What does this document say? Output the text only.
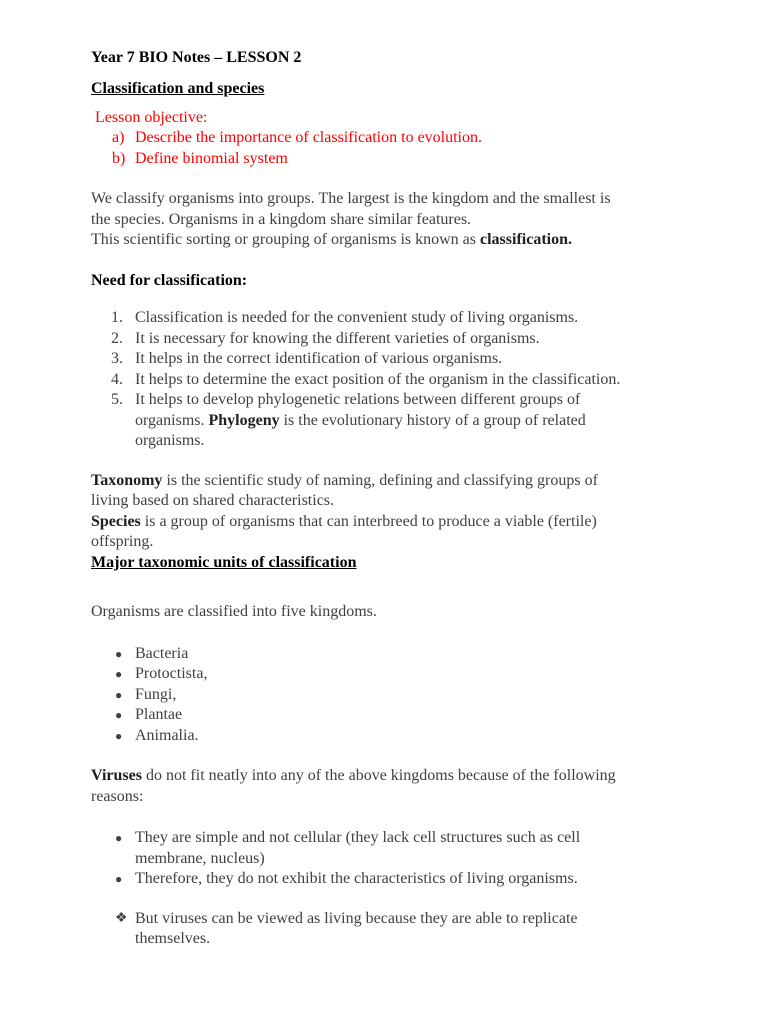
Year 7 BIO Notes – LESSON 2

Classification and species

Lesson objective:

a) Describe the importance of classification to evolution.
b) Define binomial system

We classify organisms into groups. The largest is the kingdom and the smallest is

the species. Organisms in a kingdom share similar features.

This scientific sorting or grouping of organisms is known as classification.

Need for classification:

1. Classification is needed for the convenient study of living organisms.
2. It is necessary for knowing the different varieties of organisms.
3. It helps in the correct identification of various organisms.
4. It helps to determine the exact position of the organism in the classification.
5. It helps to develop phylogenetic relations between different groups of
organisms. Phylogeny is the evolutionary history of a group of related
organisms.

Taxonomy is the scientific study of naming, defining and classifying groups of

living based on shared characteristics.

Species is a group of organisms that can interbreed to produce a viable (fertile)

offspring.

Major taxonomic units of classification

Organisms are classified into five kingdoms.

● Bacteria
● Protoctista,
● Fungi,
● Plantae
● Animalia.

Viruses do not fit neatly into any of the above kingdoms because of the following

reasons:

● They are simple and not cellular (they lack cell structures such as cell
membrane, nucleus)
● Therefore, they do not exhibit the characteristics of living organisms.
❖ But viruses can be viewed as living because they are able to replicate
themselves.
